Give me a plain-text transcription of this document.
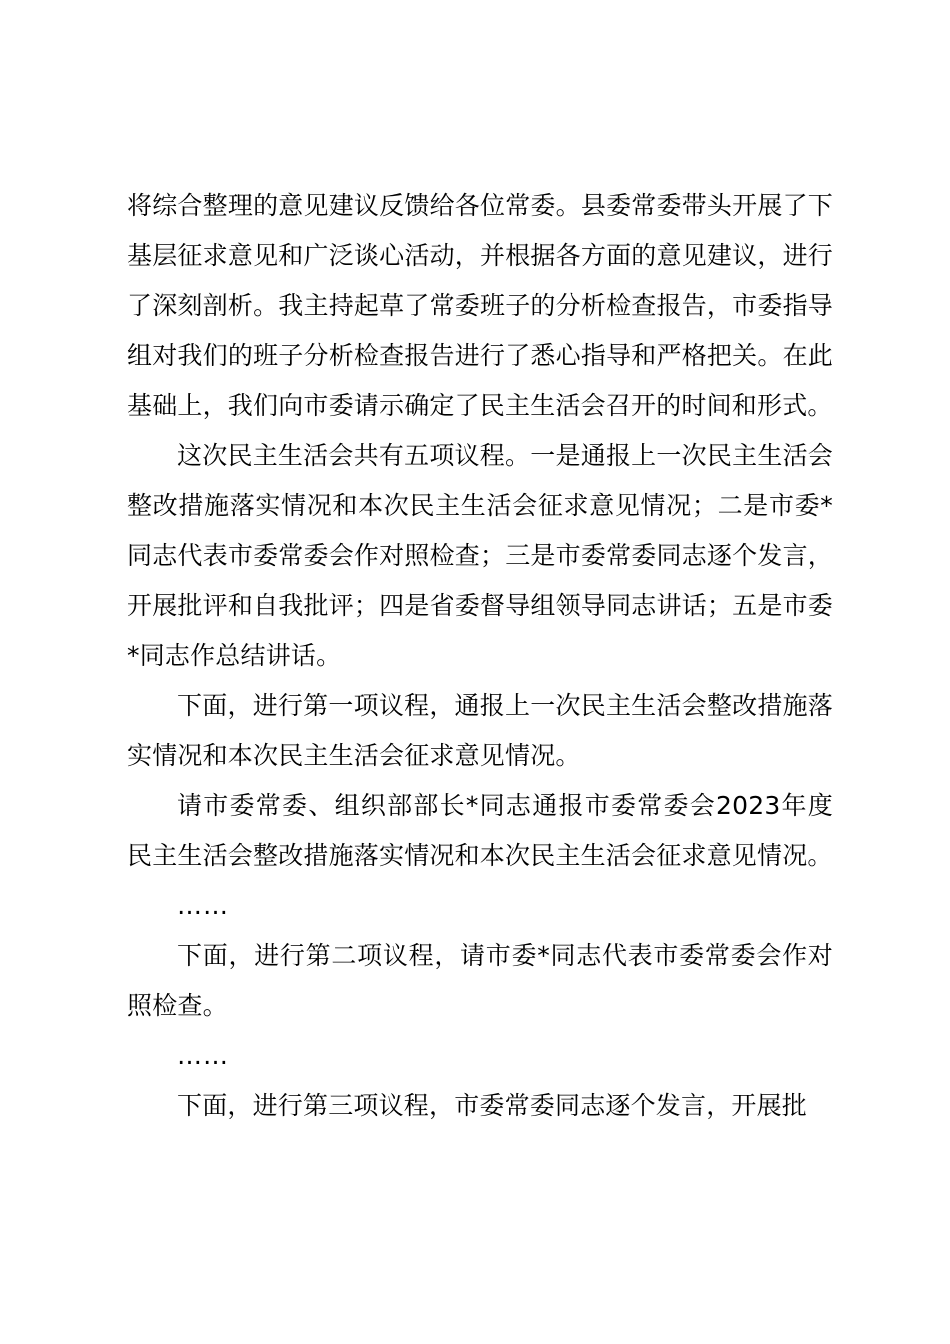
将综合整理的意见建议反馈给各位常委。县委常委带头开展了下基层征求意见和广泛谈心活动，并根据各方面的意见建议，进行了深刻剖析。我主持起草了常委班子的分析检查报告，市委指导组对我们的班子分析检查报告进行了悉心指导和严格把关。在此基础上，我们向市委请示确定了民主生活会召开的时间和形式。

这次民主生活会共有五项议程。一是通报上一次民主生活会整改措施落实情况和本次民主生活会征求意见情况；二是市委*同志代表市委常委会作对照检查；三是市委常委同志逐个发言，开展批评和自我批评；四是省委督导组领导同志讲话；五是市委*同志作总结讲话。

下面，进行第一项议程，通报上一次民主生活会整改措施落实情况和本次民主生活会征求意见情况。

请市委常委、组织部部长*同志通报市委常委会2023年度民主生活会整改措施落实情况和本次民主生活会征求意见情况。

……

下面，进行第二项议程，请市委*同志代表市委常委会作对照检查。

……

下面，进行第三项议程，市委常委同志逐个发言，开展批
